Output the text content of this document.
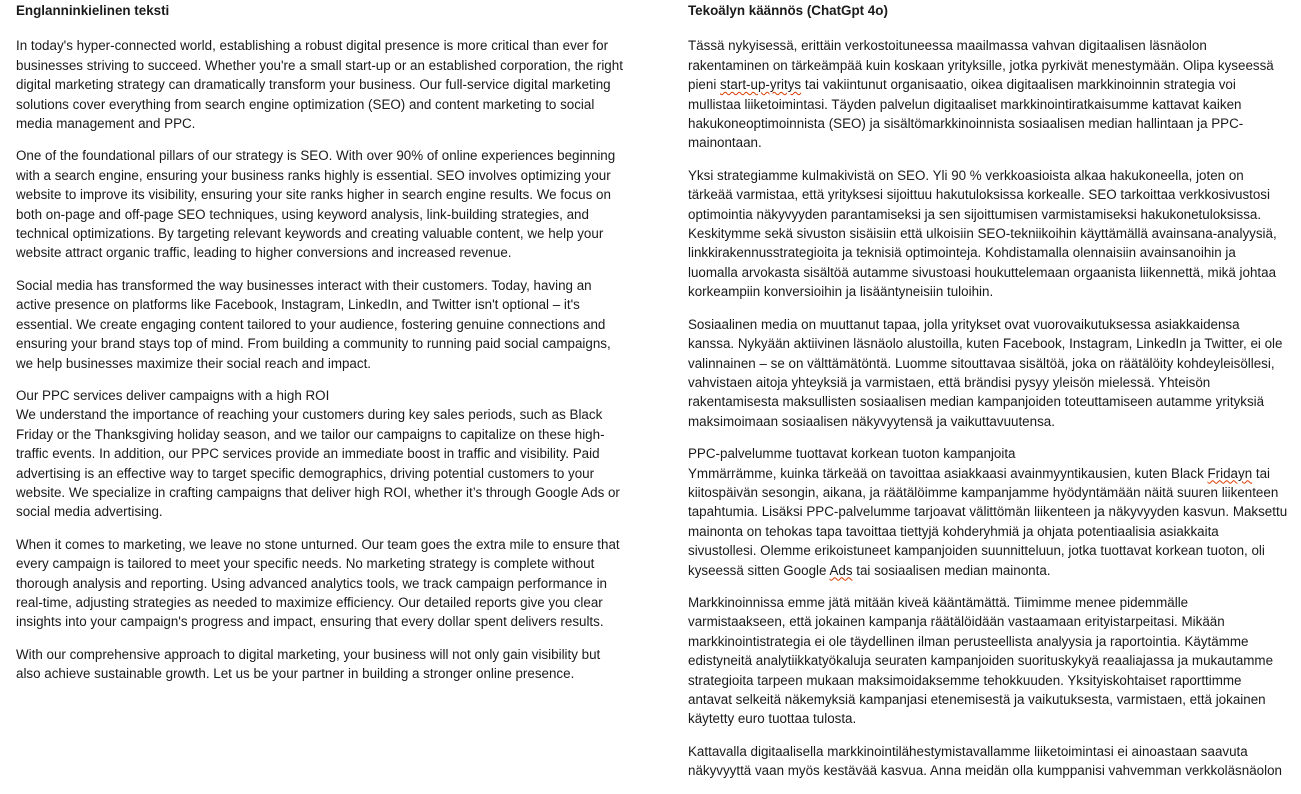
Englanninkielinen teksti

In today's hyper-connected world, establishing a robust digital presence is more critical than ever for businesses striving to succeed. Whether you're a small start-up or an established corporation, the right digital marketing strategy can dramatically transform your business. Our full-service digital marketing solutions cover everything from search engine optimization (SEO) and content marketing to social media management and PPC.

One of the foundational pillars of our strategy is SEO. With over 90% of online experiences beginning with a search engine, ensuring your business ranks highly is essential. SEO involves optimizing your website to improve its visibility, ensuring your site ranks higher in search engine results. We focus on both on-page and off-page SEO techniques, using keyword analysis, link-building strategies, and technical optimizations. By targeting relevant keywords and creating valuable content, we help your website attract organic traffic, leading to higher conversions and increased revenue.

Social media has transformed the way businesses interact with their customers. Today, having an active presence on platforms like Facebook, Instagram, LinkedIn, and Twitter isn't optional – it's essential. We create engaging content tailored to your audience, fostering genuine connections and ensuring your brand stays top of mind. From building a community to running paid social campaigns, we help businesses maximize their social reach and impact.

Our PPC services deliver campaigns with a high ROI
We understand the importance of reaching your customers during key sales periods, such as Black Friday or the Thanksgiving holiday season, and we tailor our campaigns to capitalize on these high-traffic events. In addition, our PPC services provide an immediate boost in traffic and visibility. Paid advertising is an effective way to target specific demographics, driving potential customers to your website. We specialize in crafting campaigns that deliver high ROI, whether it’s through Google Ads or social media advertising.

When it comes to marketing, we leave no stone unturned. Our team goes the extra mile to ensure that every campaign is tailored to meet your specific needs. No marketing strategy is complete without thorough analysis and reporting. Using advanced analytics tools, we track campaign performance in real-time, adjusting strategies as needed to maximize efficiency. Our detailed reports give you clear insights into your campaign's progress and impact, ensuring that every dollar spent delivers results.

With our comprehensive approach to digital marketing, your business will not only gain visibility but also achieve sustainable growth. Let us be your partner in building a stronger online presence.

Tekoälyn käännös (ChatGpt 4o)

Tässä nykyisessä, erittäin verkostoituneessa maailmassa vahvan digitaalisen läsnäolon rakentaminen on tärkeämpää kuin koskaan yrityksille, jotka pyrkivät menestymään. Olipa kyseessä pieni start-up-yritys tai vakiintunut organisaatio, oikea digitaalisen markkinoinnin strategia voi mullistaa liiketoimintasi. Täyden palvelun digitaaliset markkinointiratkaisumme kattavat kaiken hakukoneoptimoinnista (SEO) ja sisältömarkkinoinnista sosiaalisen median hallintaan ja PPC-mainontaan.

Yksi strategiamme kulmakivistä on SEO. Yli 90 % verkkoasioista alkaa hakukoneella, joten on tärkeää varmistaa, että yrityksesi sijoittuu hakutuloksissa korkealle. SEO tarkoittaa verkkosivustosi optimointia näkyvyyden parantamiseksi ja sen sijoittumisen varmistamiseksi hakukonetuloksissa. Keskitymme sekä sivuston sisäisiin että ulkoisiin SEO-tekniikoihin käyttämällä avainsana-analyysiä, linkkirakennusstrategioita ja teknisiä optimointeja. Kohdistamalla olennaisiin avainsanoihin ja luomalla arvokasta sisältöä autamme sivustoasi houkuttelemaan orgaanista liikennettä, mikä johtaa korkeampiin konversioihin ja lisääntyneisiin tuloihin.

Sosiaalinen media on muuttanut tapaa, jolla yritykset ovat vuorovaikutuksessa asiakkaidensa kanssa. Nykyään aktiivinen läsnäolo alustoilla, kuten Facebook, Instagram, LinkedIn ja Twitter, ei ole valinnainen – se on välttämätöntä. Luomme sitouttavaa sisältöä, joka on räätälöity kohdeyleisöllesi, vahvistaen aitoja yhteyksiä ja varmistaen, että brändisi pysyy yleisön mielessä. Yhteisön rakentamisesta maksullisten sosiaalisen median kampanjoiden toteuttamiseen autamme yrityksiä maksimoimaan sosiaalisen näkyvyytensä ja vaikuttavuutensa.

PPC-palvelumme tuottavat korkean tuoton kampanjoita
Ymmärrämme, kuinka tärkeää on tavoittaa asiakkaasi avainmyyntikausien, kuten Black Fridayn tai kiitospäivän sesongin, aikana, ja räätälöimme kampanjamme hyödyntämään näitä suuren liikenteen tapahtumia. Lisäksi PPC-palvelumme tarjoavat välittömän liikenteen ja näkyvyyden kasvun. Maksettu mainonta on tehokas tapa tavoittaa tiettyjä kohderyhmiä ja ohjata potentiaalisia asiakkaita sivustollesi. Olemme erikoistuneet kampanjoiden suunnitteluun, jotka tuottavat korkean tuoton, oli kyseessä sitten Google Ads tai sosiaalisen median mainonta.

Markkinoinnissa emme jätä mitään kiveä kääntämättä. Tiimimme menee pidemmälle varmistaakseen, että jokainen kampanja räätälöidään vastaamaan erityistarpeitasi. Mikään markkinointistrategia ei ole täydellinen ilman perusteellista analyysia ja raportointia. Käytämme edistyneitä analytiikkatyökaluja seuraten kampanjoiden suorituskykyä reaaliajassa ja mukautamme strategioita tarpeen mukaan maksimoidaksemme tehokkuuden. Yksityiskohtaiset raporttimme antavat selkeitä näkemyksiä kampanjasi etenemisestä ja vaikutuksesta, varmistaen, että jokainen käytetty euro tuottaa tulosta.

Kattavalla digitaalisella markkinointilähestymistavallamme liiketoimintasi ei ainoastaan saavuta näkyvyyttä vaan myös kestävää kasvua. Anna meidän olla kumppanisi vahvemman verkkoläsnäolon
